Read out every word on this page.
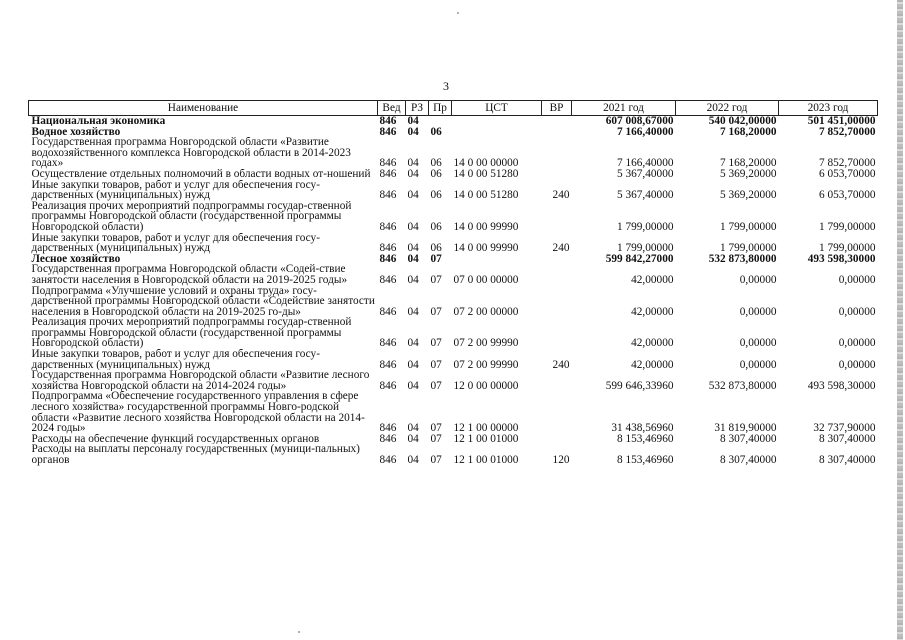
3
Наименование	Вед	РЗ	Пр	ЦСТ	ВР	2021 год	2022 год	2023 год
Национальная экономика	846	04				607 008,67000	540 042,00000	501 451,00000
Водное хозяйство	846	04	06			7 166,40000	7 168,20000	7 852,70000
Государственная программа Новгородской области «Развитие водохозяйственного комплекса Новгородской области в 2014-2023 годах»	846	04	06	14 0 00 00000		7 166,40000	7 168,20000	7 852,70000
Осуществление отдельных полномочий в области водных от-ношений	846	04	06	14 0 00 51280		5 367,40000	5 369,20000	6 053,70000
Иные закупки товаров, работ и услуг для обеспечения госу-дарственных (муниципальных) нужд	846	04	06	14 0 00 51280	240	5 367,40000	5 369,20000	6 053,70000
Реализация прочих мероприятий подпрограммы государ-ственной программы Новгородской области (государственной программы Новгородской области)	846	04	06	14 0 00 99990		1 799,00000	1 799,00000	1 799,00000
Иные закупки товаров, работ и услуг для обеспечения госу-дарственных (муниципальных) нужд	846	04	06	14 0 00 99990	240	1 799,00000	1 799,00000	1 799,00000
Лесное хозяйство	846	04	07			599 842,27000	532 873,80000	493 598,30000
Государственная программа Новгородской области «Содей-ствие занятости населения в Новгородской области на 2019-2025 годы»	846	04	07	07 0 00 00000		42,00000	0,00000	0,00000
Подпрограмма «Улучшение условий и охраны труда» госу-дарственной программы Новгородской области «Содействие занятости населения в Новгородской области на 2019-2025 го-ды»	846	04	07	07 2 00 00000		42,00000	0,00000	0,00000
Реализация прочих мероприятий подпрограммы государ-ственной программы Новгородской области (государственной программы Новгородской области)	846	04	07	07 2 00 99990		42,00000	0,00000	0,00000
Иные закупки товаров, работ и услуг для обеспечения госу-дарственных (муниципальных) нужд	846	04	07	07 2 00 99990	240	42,00000	0,00000	0,00000
Государственная программа Новгородской области «Развитие лесного хозяйства Новгородской области на 2014-2024 годы»	846	04	07	12 0 00 00000		599 646,33960	532 873,80000	493 598,30000
Подпрограмма «Обеспечение государственного управления в сфере лесного хозяйства» государственной программы Новго-родской области «Развитие лесного хозяйства Новгородской области на 2014-2024 годы»	846	04	07	12 1 00 00000		31 438,56960	31 819,90000	32 737,90000
Расходы на обеспечение функций государственных органов	846	04	07	12 1 00 01000		8 153,46960	8 307,40000	8 307,40000
Расходы на выплаты персоналу государственных (муници-пальных) органов	846	04	07	12 1 00 01000	120	8 153,46960	8 307,40000	8 307,40000
